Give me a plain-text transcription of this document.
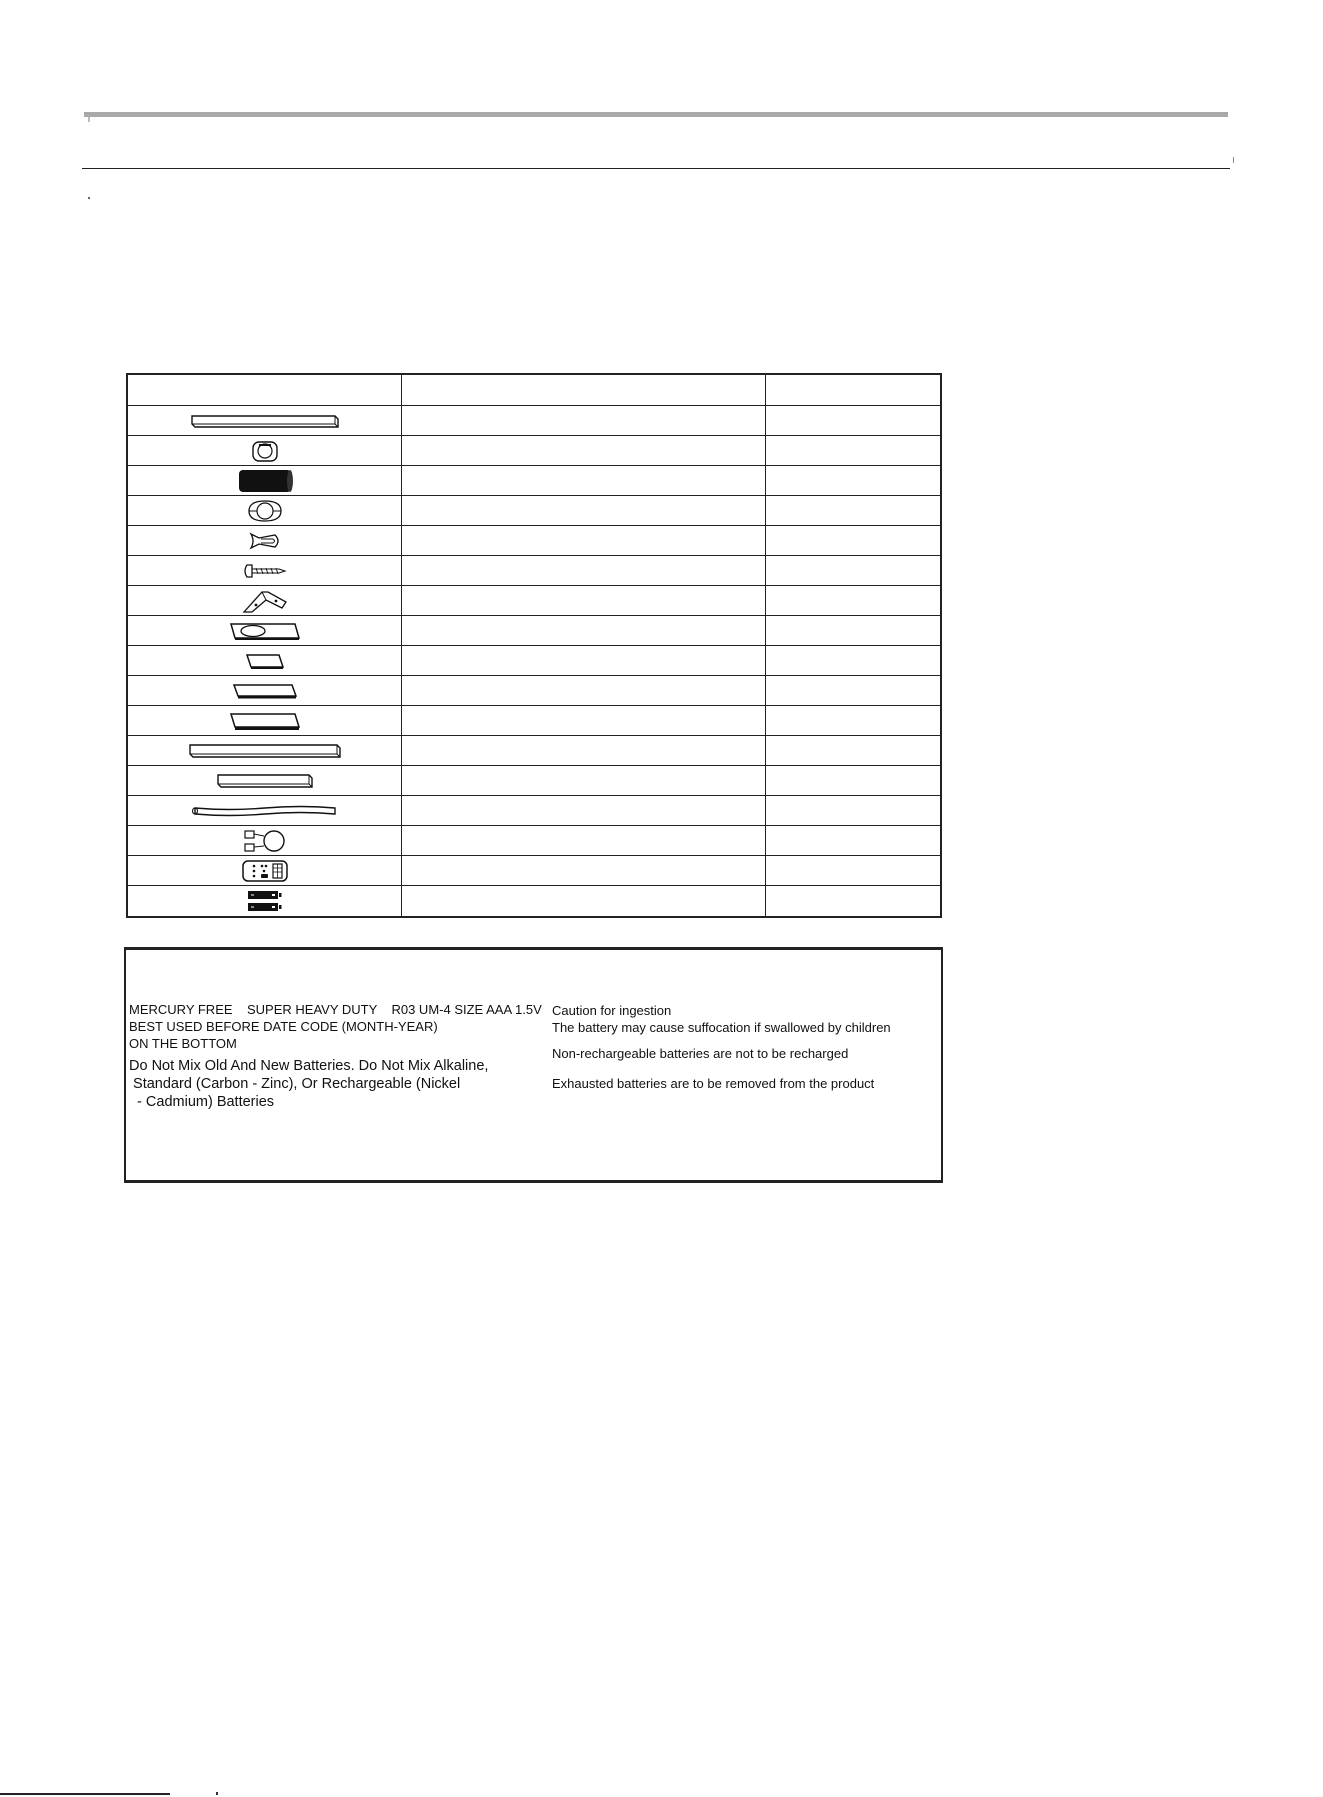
MERCURY FREE    SUPER HEAVY DUTY    R03 UM-4 SIZE AAA 1.5V

BEST USED BEFORE DATE CODE (MONTH-YEAR)

ON THE BOTTOM

Do Not Mix Old And New Batteries. Do Not Mix Alkaline,

Standard (Carbon - Zinc), Or Rechargeable (Nickel

- Cadmium) Batteries

Caution for ingestion

The battery may cause suffocation if swallowed by children

Non-rechargeable batteries are not to be recharged

Exhausted batteries are to be removed from the product
